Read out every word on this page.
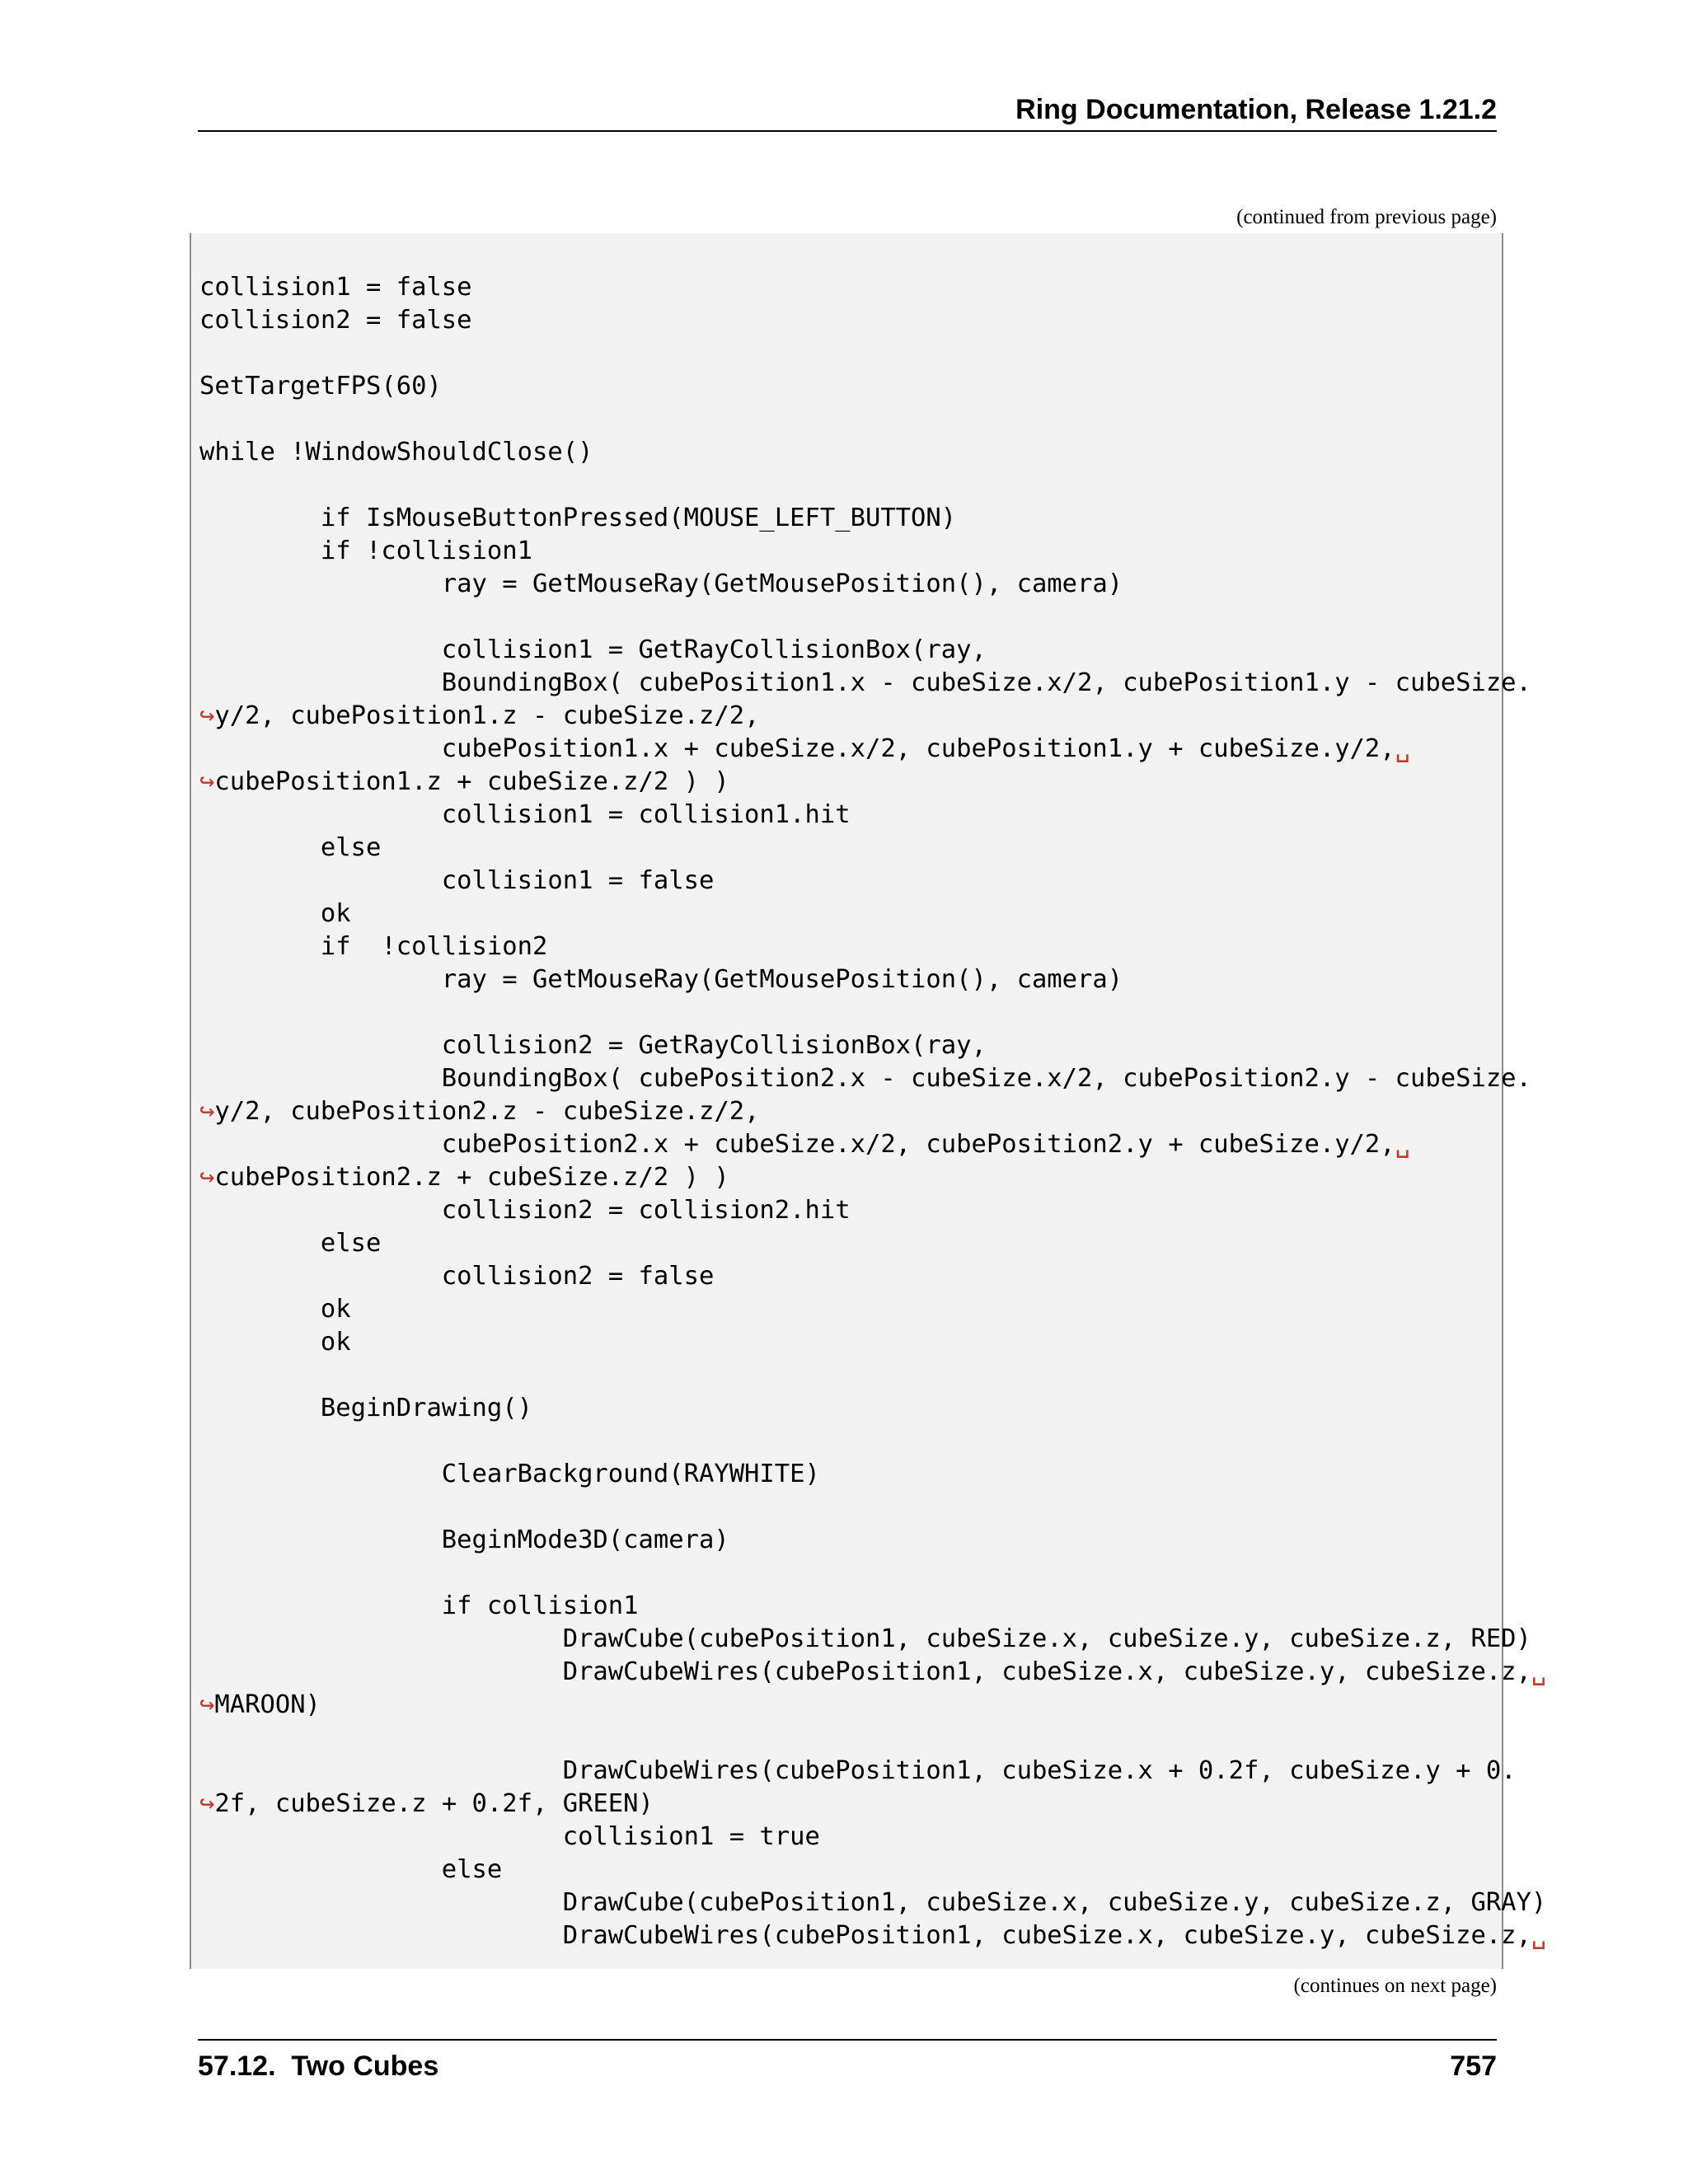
Ring Documentation, Release 1.21.2
(continued from previous page)
collision1 = false
collision2 = false
SetTargetFPS(60)
while !WindowShouldClose()
if IsMouseButtonPressed(MOUSE_LEFT_BUTTON)
if !collision1
ray = GetMouseRay(GetMousePosition(), camera)
collision1 = GetRayCollisionBox(ray,
BoundingBox( cubePosition1.x - cubeSize.x/2, cubePosition1.y - cubeSize.
↪y/2, cubePosition1.z - cubeSize.z/2,
cubePosition1.x + cubeSize.x/2, cubePosition1.y + cubeSize.y/2,␣
↪cubePosition1.z + cubeSize.z/2 ) )
collision1 = collision1.hit
else
collision1 = false
ok
if  !collision2
ray = GetMouseRay(GetMousePosition(), camera)
collision2 = GetRayCollisionBox(ray,
BoundingBox( cubePosition2.x - cubeSize.x/2, cubePosition2.y - cubeSize.
↪y/2, cubePosition2.z - cubeSize.z/2,
cubePosition2.x + cubeSize.x/2, cubePosition2.y + cubeSize.y/2,␣
↪cubePosition2.z + cubeSize.z/2 ) )
collision2 = collision2.hit
else
collision2 = false
ok
ok
BeginDrawing()
ClearBackground(RAYWHITE)
BeginMode3D(camera)
if collision1
DrawCube(cubePosition1, cubeSize.x, cubeSize.y, cubeSize.z, RED)
DrawCubeWires(cubePosition1, cubeSize.x, cubeSize.y, cubeSize.z,␣
↪MAROON)
DrawCubeWires(cubePosition1, cubeSize.x + 0.2f, cubeSize.y + 0.
↪2f, cubeSize.z + 0.2f, GREEN)
collision1 = true
else
DrawCube(cubePosition1, cubeSize.x, cubeSize.y, cubeSize.z, GRAY)
DrawCubeWires(cubePosition1, cubeSize.x, cubeSize.y, cubeSize.z,␣
(continues on next page)
57.12.  Two Cubes	757
